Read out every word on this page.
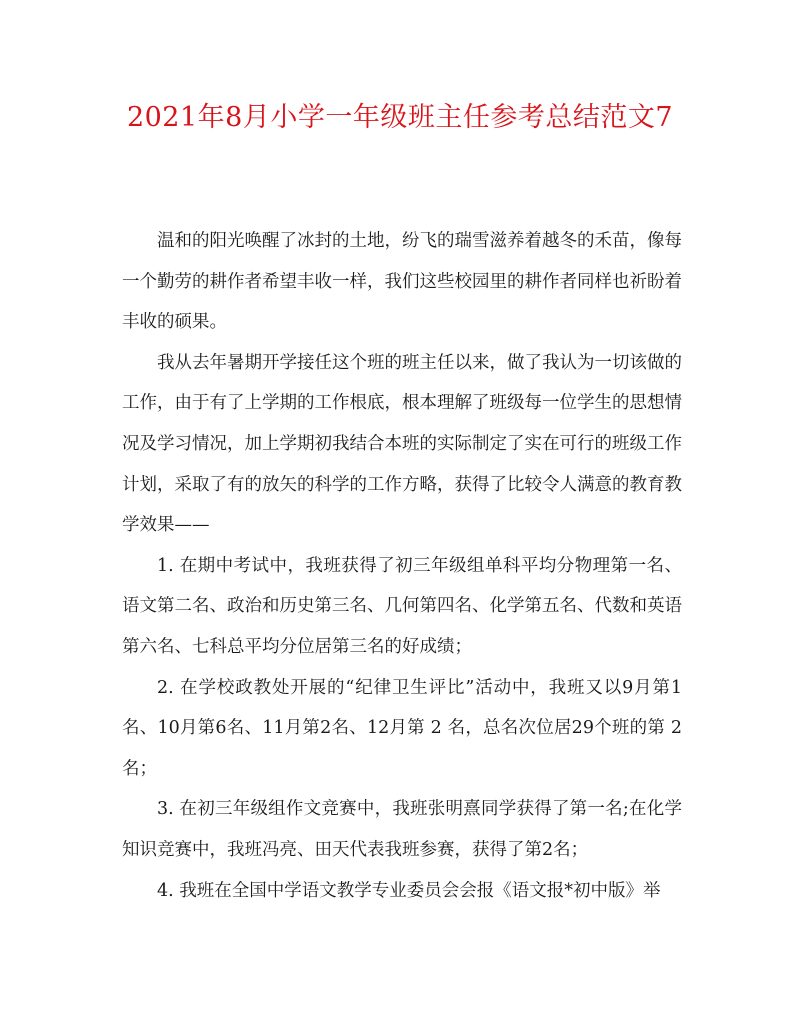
2021年8月小学一年级班主任参考总结范文7

温和的阳光唤醒了冰封的土地，纷飞的瑞雪滋养着越冬的禾苗，像每一个勤劳的耕作者希望丰收一样，我们这些校园里的耕作者同样也祈盼着丰收的硕果。

我从去年暑期开学接任这个班的班主任以来，做了我认为一切该做的工作，由于有了上学期的工作根底，根本理解了班级每一位学生的思想情况及学习情况，加上学期初我结合本班的实际制定了实在可行的班级工作计划，采取了有的放矢的科学的工作方略，获得了比较令人满意的教育教学效果——

1. 在期中考试中，我班获得了初三年级组单科平均分物理第一名、语文第二名、政治和历史第三名、几何第四名、化学第五名、代数和英语第六名、七科总平均分位居第三名的好成绩；

2. 在学校政教处开展的“纪律卫生评比”活动中，我班又以9月第1名、10月第6名、11月第2名、12月第 2 名，总名次位居29个班的第 2 名；

3. 在初三年级组作文竞赛中，我班张明熹同学获得了第一名;在化学知识竞赛中，我班冯亮、田天代表我班参赛，获得了第2名；

4. 我班在全国中学语文教学专业委员会会报《语文报*初中版》举
